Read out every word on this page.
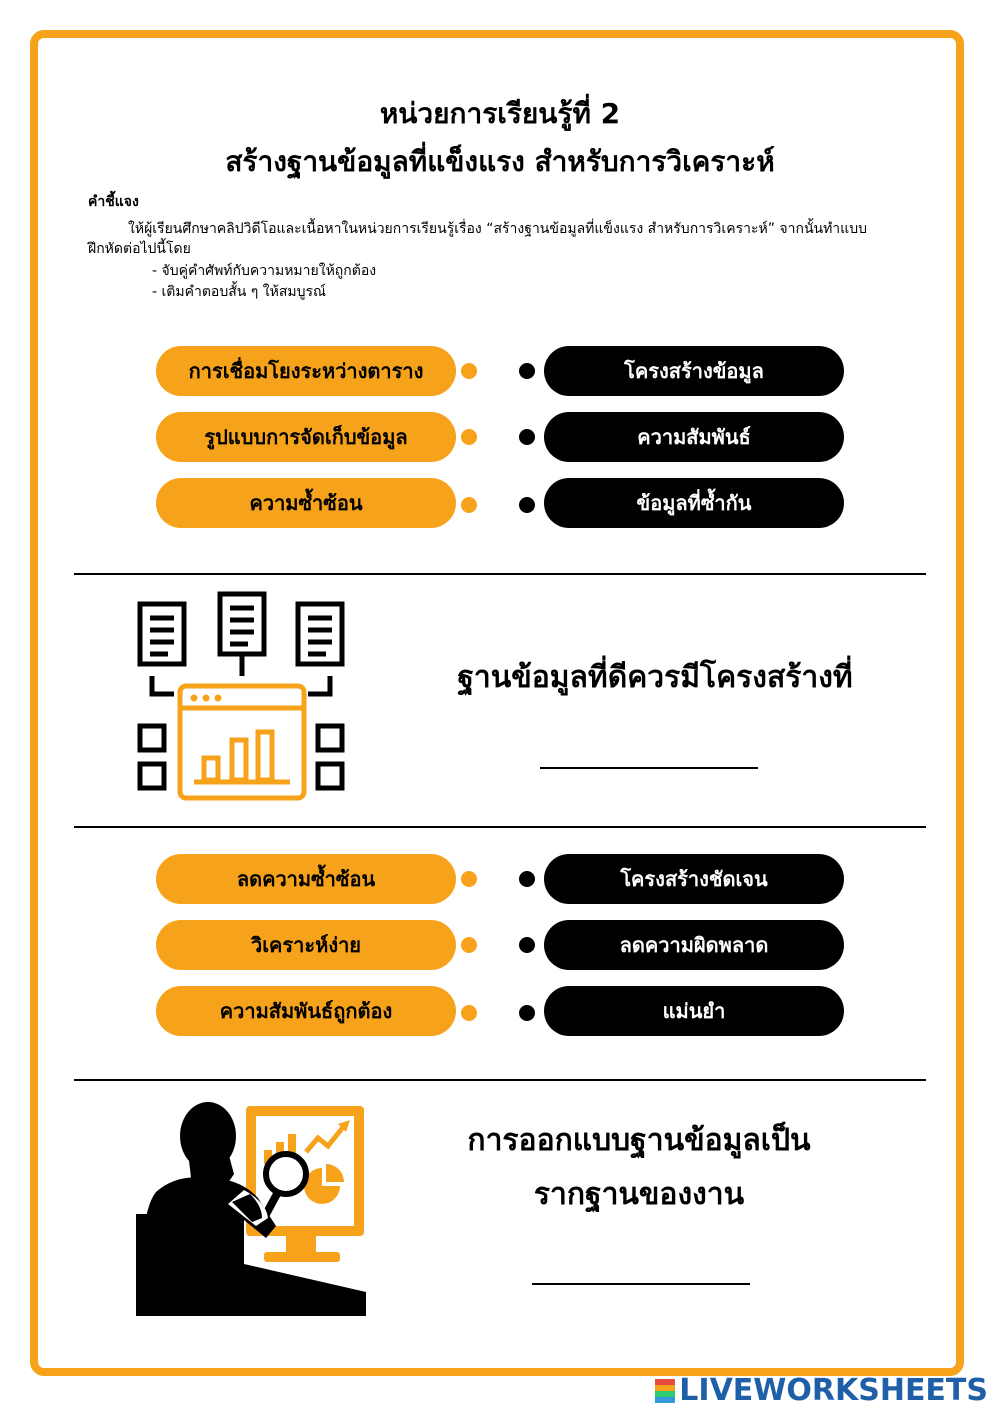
หน่วยการเรียนรู้ที่ 2
สร้างฐานข้อมูลที่แข็งแรง สำหรับการวิเคราะห์
คำชี้แจง
ให้ผู้เรียนศึกษาคลิปวิดีโอและเนื้อหาในหน่วยการเรียนรู้เรื่อง “สร้างฐานข้อมูลที่แข็งแรง สำหรับการวิเคราะห์” จากนั้นทำแบบฝึกหัดต่อไปนี้โดย
- จับคู่คำศัพท์กับความหมายให้ถูกต้อง
- เติมคำตอบสั้น ๆ ให้สมบูรณ์
การเชื่อมโยงระหว่างตาราง	โครงสร้างข้อมูล
รูปแบบการจัดเก็บข้อมูล	ความสัมพันธ์
ความซ้ำซ้อน	ข้อมูลที่ซ้ำกัน
ฐานข้อมูลที่ดีควรมีโครงสร้างที่
ลดความซ้ำซ้อน	โครงสร้างชัดเจน
วิเคราะห์ง่าย	ลดความผิดพลาด
ความสัมพันธ์ถูกต้อง	แม่นยำ
การออกแบบฐานข้อมูลเป็น
รากฐานของงาน
LIVEWORKSHEETS
